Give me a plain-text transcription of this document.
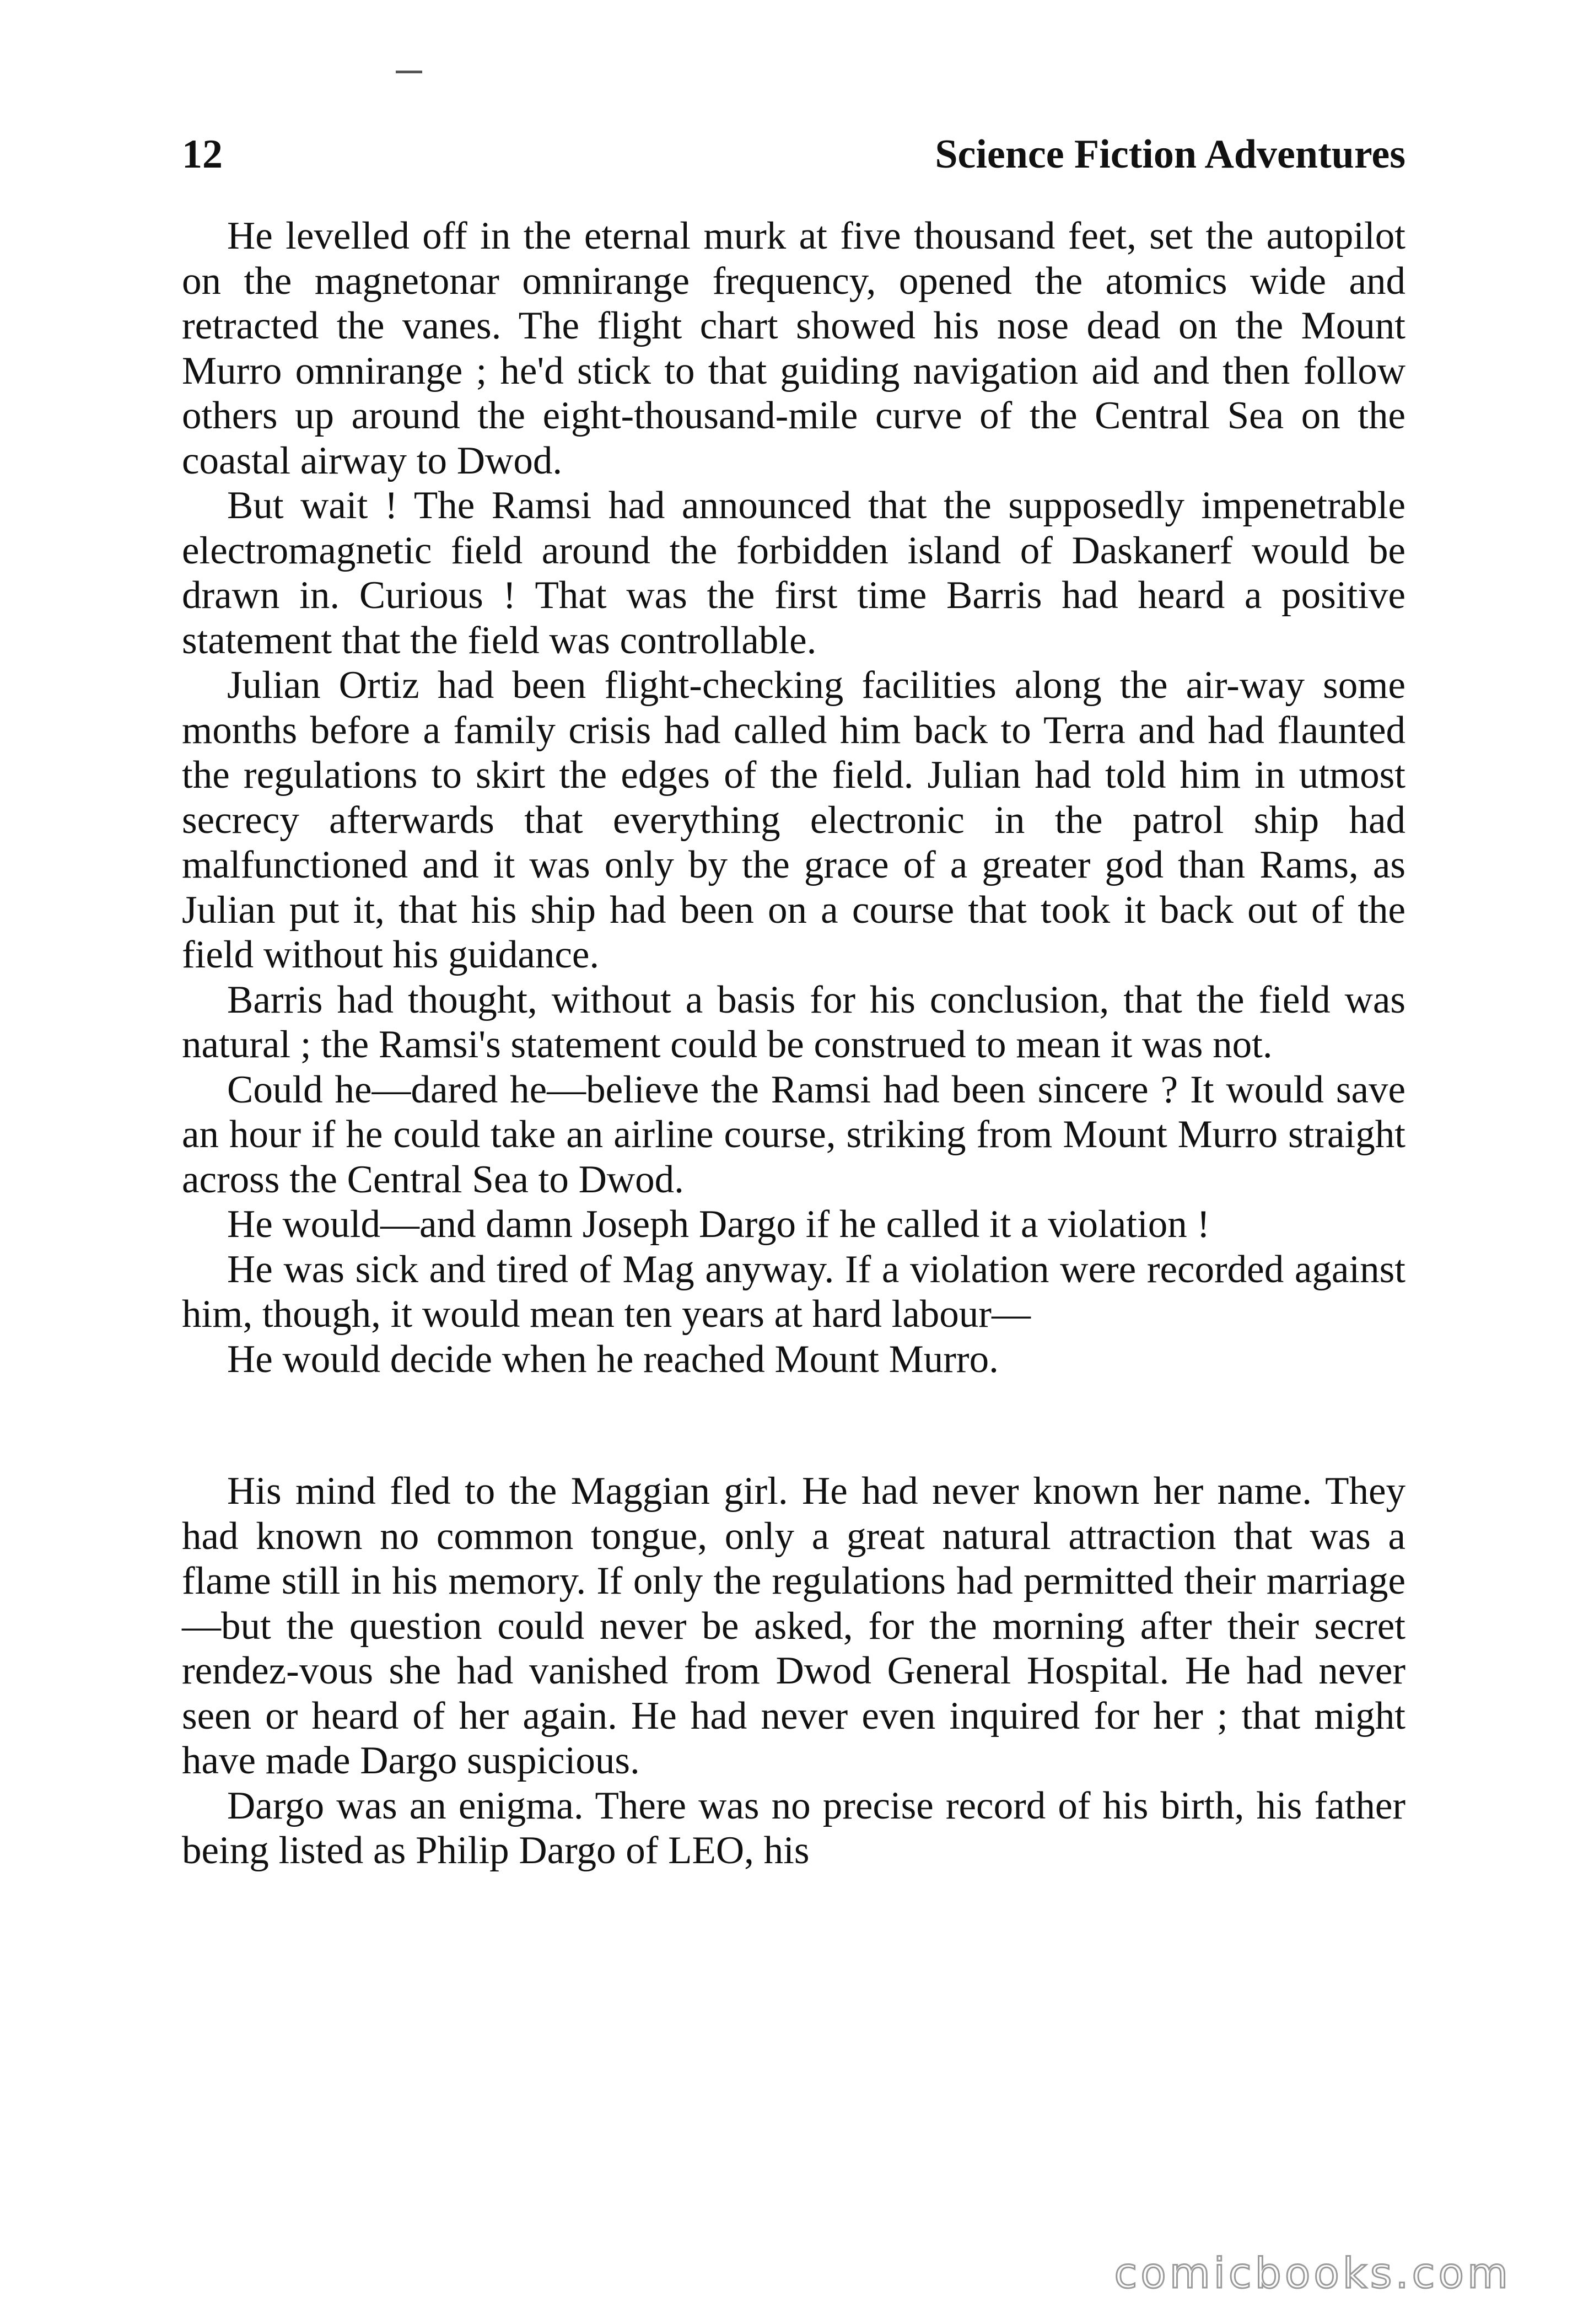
12	Science Fiction Adventures

He levelled off in the eternal murk at five thousand feet, set the autopilot on the magnetonar omnirange frequency, opened the atomics wide and retracted the vanes. The flight chart showed his nose dead on the Mount Murro omnirange ; he'd stick to that guiding navigation aid and then follow others up around the eight-thousand-mile curve of the Central Sea on the coastal airway to Dwod.

But wait ! The Ramsi had announced that the supposedly impenetrable electromagnetic field around the forbidden island of Daskanerf would be drawn in. Curious ! That was the first time Barris had heard a positive statement that the field was controllable.

Julian Ortiz had been flight-checking facilities along the air-way some months before a family crisis had called him back to Terra and had flaunted the regulations to skirt the edges of the field. Julian had told him in utmost secrecy afterwards that everything electronic in the patrol ship had malfunctioned and it was only by the grace of a greater god than Rams, as Julian put it, that his ship had been on a course that took it back out of the field without his guidance.

Barris had thought, without a basis for his conclusion, that the field was natural ; the Ramsi's statement could be construed to mean it was not.

Could he—dared he—believe the Ramsi had been sincere ? It would save an hour if he could take an airline course, striking from Mount Murro straight across the Central Sea to Dwod.

He would—and damn Joseph Dargo if he called it a violation !

He was sick and tired of Mag anyway. If a violation were recorded against him, though, it would mean ten years at hard labour—

He would decide when he reached Mount Murro.

His mind fled to the Maggian girl. He had never known her name. They had known no common tongue, only a great natural attraction that was a flame still in his memory. If only the regulations had permitted their marriage—but the question could never be asked, for the morning after their secret rendez-vous she had vanished from Dwod General Hospital. He had never seen or heard of her again. He had never even inquired for her ; that might have made Dargo suspicious.

Dargo was an enigma. There was no precise record of his birth, his father being listed as Philip Dargo of LEO, his

comicbooks.com
